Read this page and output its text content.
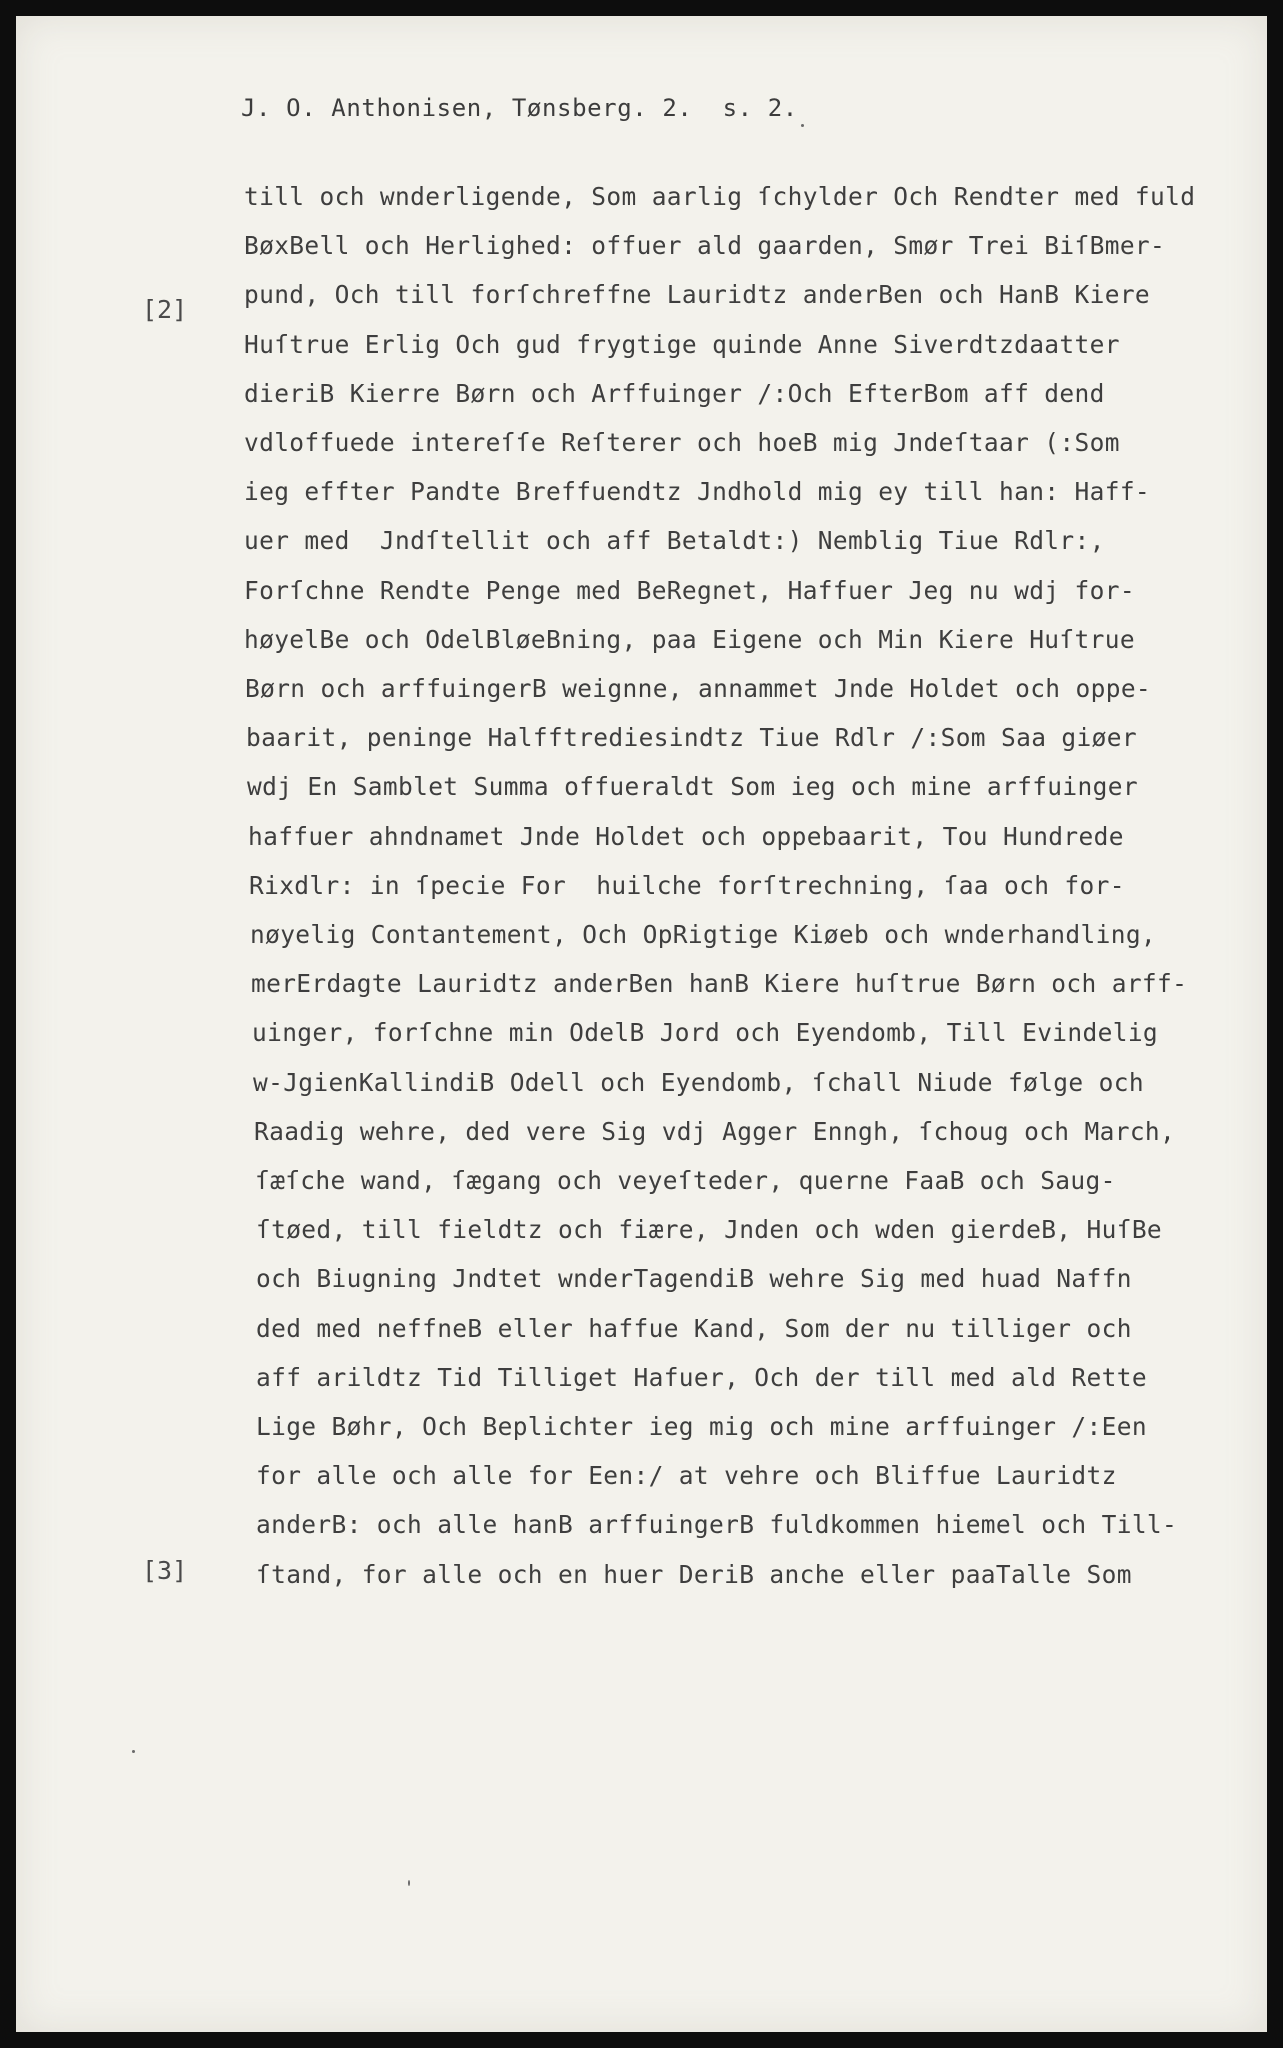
J. O. Anthonisen, Tønsberg. 2.  s. 2.
[2]
[3]
till och wnderligende, Som aarlig ſchylder Och Rendter med fuld
BøxBell och Herlighed: offuer ald gaarden, Smør Trei BiſBmer-
pund, Och till forſchreffne Lauridtz anderBen och HanB Kiere
Huſtrue Erlig Och gud frygtige quinde Anne Siverdtzdaatter
dieriB Kierre Børn och Arffuinger /:Och EfterBom aff dend
vdloffuede intereſſe Reſterer och hoeB mig Jndeſtaar (:Som
ieg effter Pandte Breffuendtz Jndhold mig ey till han: Haff-
uer med  Jndſtellit och aff Betaldt:) Nemblig Tiue Rdlr:,
Forſchne Rendte Penge med BeRegnet, Haffuer Jeg nu wdj for-
høyelBe och OdelBløeBning, paa Eigene och Min Kiere Huſtrue
Børn och arffuingerB weignne, annammet Jnde Holdet och oppe-
baarit, peninge Halfftrediesindtz Tiue Rdlr /:Som Saa giøer
wdj En Samblet Summa offueraldt Som ieg och mine arffuinger
haffuer ahndnamet Jnde Holdet och oppebaarit, Tou Hundrede
Rixdlr: in ſpecie For  huilche forſtrechning, ſaa och for-
nøyelig Contantement, Och OpRigtige Kiøeb och wnderhandling,
merErdagte Lauridtz anderBen hanB Kiere huſtrue Børn och arff-
uinger, forſchne min OdelB Jord och Eyendomb, Till Evindelig
w-JgienKallindiB Odell och Eyendomb, ſchall Niude følge och
Raadig wehre, ded vere Sig vdj Agger Enngh, ſchoug och March,
ſæſche wand, ſægang och veyeſteder, querne FaaB och Saug-
ſtøed, till fieldtz och fiære, Jnden och wden gierdeB, HuſBe
och Biugning Jndtet wnderTagendiB wehre Sig med huad Naffn
ded med neffneB eller haffue Kand, Som der nu tilliger och
aff arildtz Tid Tilliget Hafuer, Och der till med ald Rette
Lige Bøhr, Och Beplichter ieg mig och mine arffuinger /:Een
for alle och alle for Een:/ at vehre och Bliffue Lauridtz
anderB: och alle hanB arffuingerB fuldkommen hiemel och Till-
ſtand, for alle och en huer DeriB anche eller paaTalle Som
